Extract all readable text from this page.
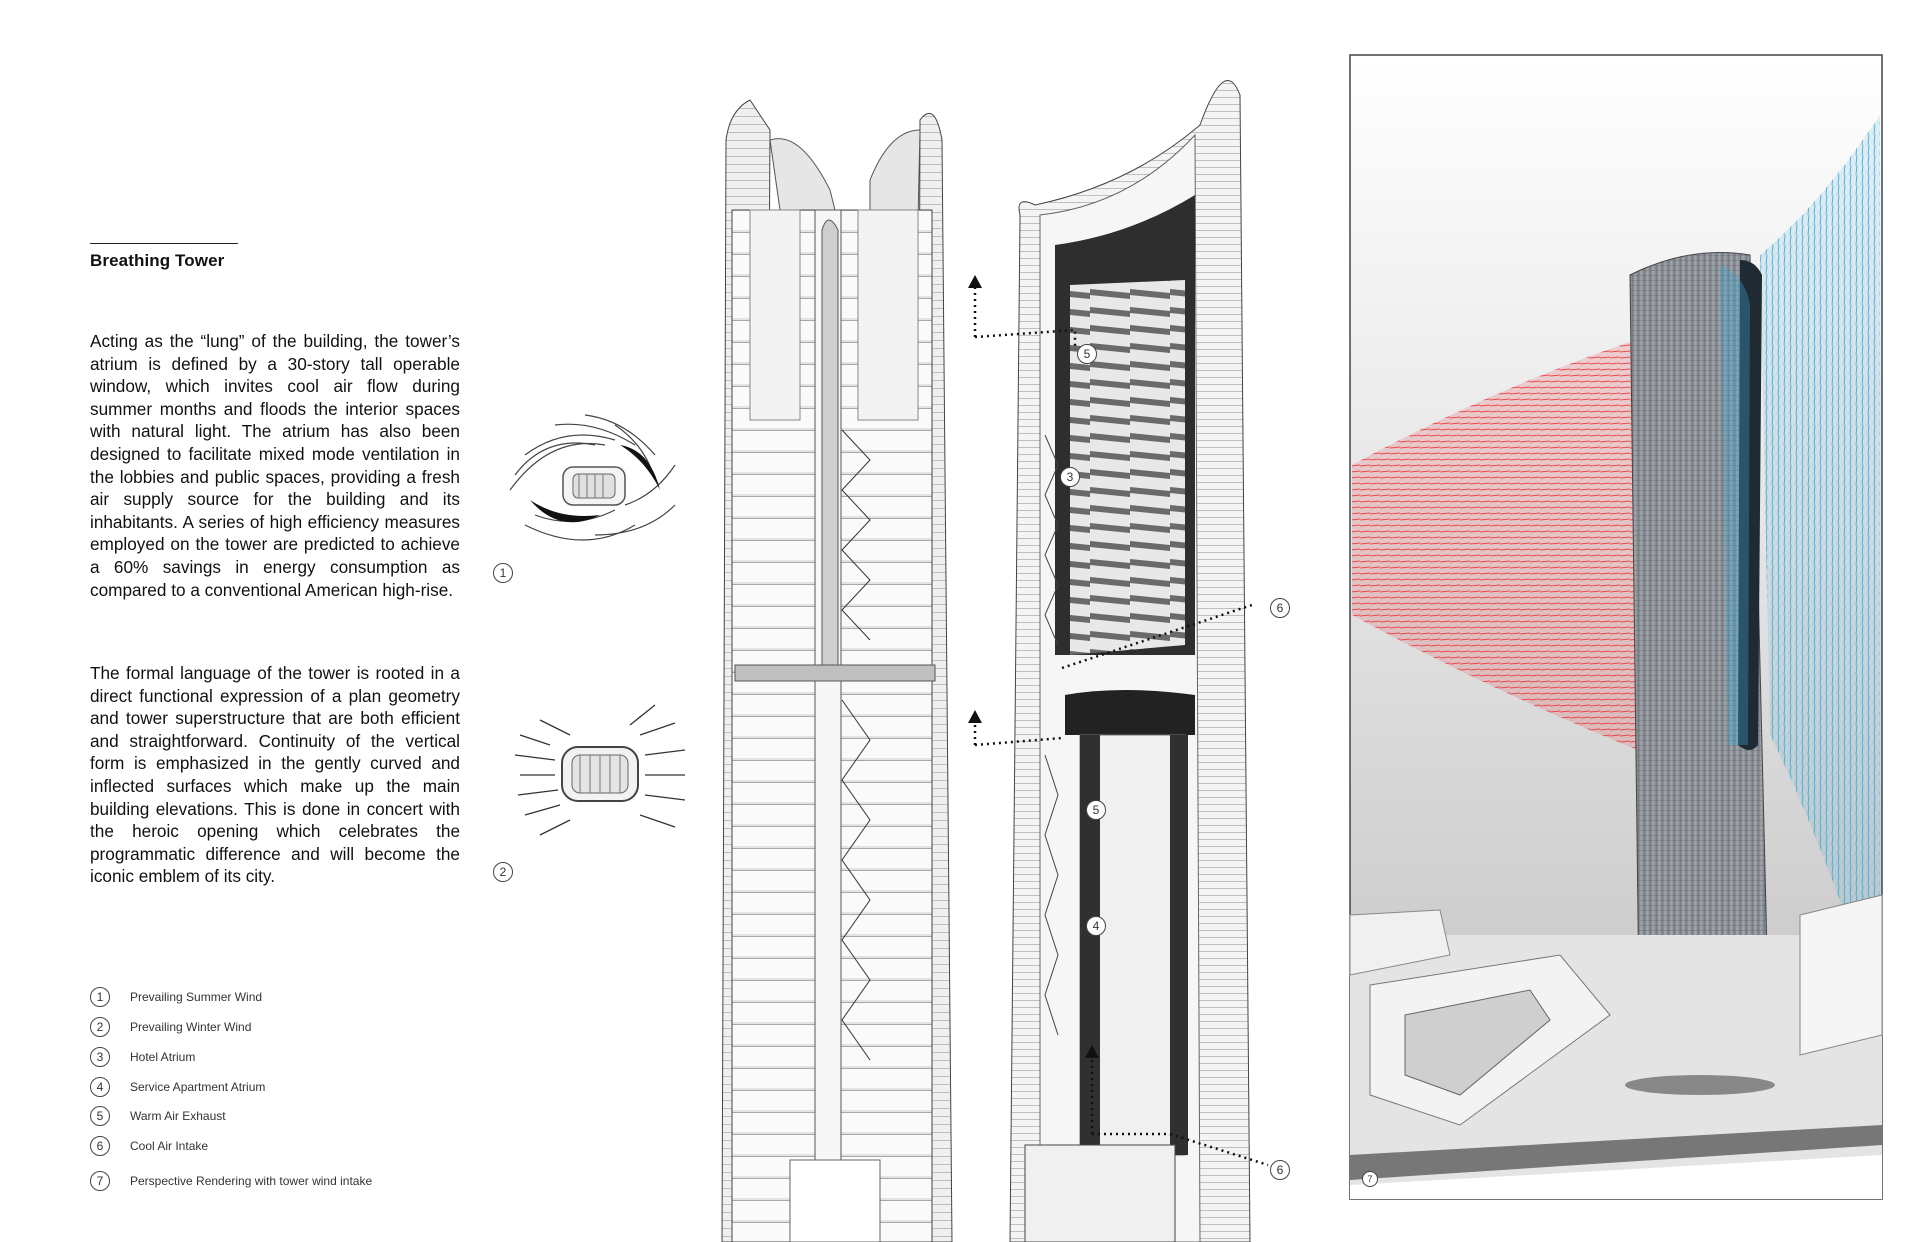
Breathing Tower
Acting as the “lung” of the building, the tower’s atrium is defined by a 30-story tall operable window, which invites cool air flow during summer months and floods the interior spaces with natural light. The atrium has also been designed to facilitate mixed mode ventilation in the lobbies and public spaces, providing a fresh air supply source for the building and its inhabitants. A series of high efficiency measures employed on the tower are predicted to achieve a 60% savings in energy consumption as compared to a conventional American high-rise.
The formal language of the tower is rooted in a direct functional expression of a plan geometry and tower superstructure that are both efficient and straightforward. Continuity of the vertical form is emphasized in the gently curved and inflected surfaces which make up the main building elevations. This is done in concert with the heroic opening which celebrates the programmatic difference and will become the iconic emblem of its city.
1	Prevailing Summer Wind
2	Prevailing Winter Wind
3	Hotel Atrium
4	Service Apartment Atrium
5	Warm Air Exhaust
6	Cool Air Intake
7	Perspective Rendering with tower wind intake
1
2
5
3
6
5
4
6
7
